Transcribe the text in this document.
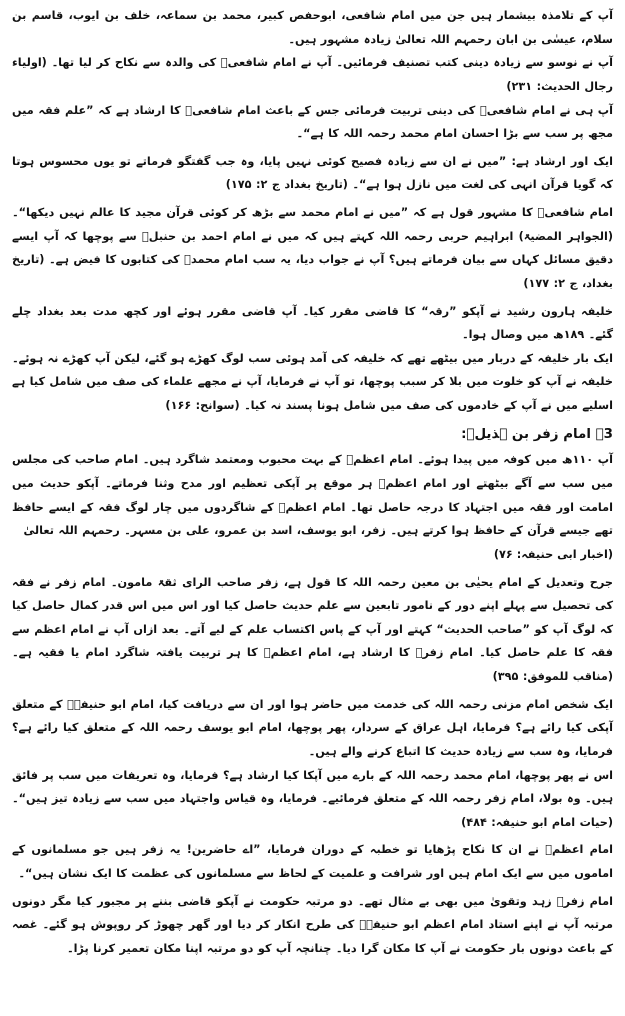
آپ کے تلامذہ بیشمار ہیں جن میں امام شافعی، ابوحفص کبیر، محمد بن سماعہ، خلف بن ایوب، قاسم بن سلام، عیسٰی بن ابان رحمہم اللہ تعالیٰ زیادہ مشہور ہیں۔

آپ نے نوسو سے زیادہ دینی کتب تصنیف فرمائیں۔ آپ نے امام شافعیؒ کی والدہ سے نکاح کر لیا تھا۔ (اولیاء رجال الحدیث: ۲۳۱)

آپ ہی نے امام شافعیؒ کی دینی تربیت فرمائی جس کے باعث امام شافعیؒ کا ارشاد ہے کہ ”علم فقہ میں مجھ پر سب سے بڑا احسان امام محمد رحمہ اللہ کا ہے“۔

ایک اور ارشاد ہے: ”میں نے ان سے زیادہ فصیح کوئی نہیں پایا، وہ جب گفتگو فرماتے تو یوں محسوس ہوتا کہ گویا قرآن انہی کی لغت میں نازل ہوا ہے“۔ (تاریخ بغداد ج ۲: ۱۷۵)

امام شافعیؒ کا مشہور قول ہے کہ ”میں نے امام محمد سے بڑھ کر کوئی قرآن مجید کا عالم نہیں دیکھا“۔ (الجواہر المضیۃ) ابراہیم حربی رحمہ اللہ کہتے ہیں کہ میں نے امام احمد بن حنبلؒ سے پوچھا کہ آپ ایسے دقیق مسائل کہاں سے بیان فرماتے ہیں؟ آپ نے جواب دیا، یہ سب امام محمدؒ کی کتابوں کا فیض ہے۔ (تاریخ بغداد، ج ۲: ۱۷۷)

خلیفہ ہارون رشید نے آپکو ”رقہ“ کا قاضی مقرر کیا۔ آپ قاضی مقرر ہوئے اور کچھ مدت بعد بغداد چلے گئے۔ ۱۸۹ھ میں وصال ہوا۔

ایک بار خلیفہ کے دربار میں بیٹھے تھے کہ خلیفہ کی آمد ہوئی سب لوگ کھڑے ہو گئے، لیکن آپ کھڑے نہ ہوئے۔ خلیفہ نے آپ کو خلوت میں بلا کر سبب پوچھا، تو آپ نے فرمایا، آپ نے مجھے علماء کی صف میں شامل کیا ہے اسلیے میں نے آپ کے خادموں کی صف میں شامل ہونا پسند نہ کیا۔ (سوانح: ۱۶۶)

3۔ امام زفر بن ہذیلؒ:

آپ ۱۱۰ھ میں کوفہ میں پیدا ہوئے۔ امام اعظمؒ کے بہت محبوب ومعتمد شاگرد ہیں۔ امام صاحب کی مجلس میں سب سے آگے بیٹھتے اور امام اعظمؒ ہر موقع پر آپکی تعظیم اور مدح وثنا فرماتے۔ آپکو حدیث میں امامت اور فقہ میں اجتہاد کا درجہ حاصل تھا۔ امام اعظمؒ کے شاگردوں میں چار لوگ فقہ کے ایسے حافظ تھے جیسے قرآن کے حافظ ہوا کرتے ہیں۔ زفر، ابو یوسف، اسد بن عمرو، علی بن مسہر۔ رحمہم اللہ تعالیٰ

(اخبار ابی حنیفہ: ۷۶)

جرح وتعدیل کے امام یحیٰی بن معین رحمہ اللہ کا قول ہے، زفر صاحب الرای ثقۃ مامون۔ امام زفر نے فقہ کی تحصیل سے پہلے اپنے دور کے نامور تابعین سے علم حدیث حاصل کیا اور اس میں اس قدر کمال حاصل کیا کہ لوگ آپ کو ”صاحب الحدیث“ کہتے اور آپ کے پاس اکتساب علم کے لیے آتے۔ بعد ازاں آپ نے امام اعظم سے فقہ کا علم حاصل کیا۔ امام زفرؒ کا ارشاد ہے، امام اعظمؒ کا ہر تربیت یافتہ شاگرد امام یا فقیہ ہے۔ (مناقب للموفق: ۳۹۵)

ایک شخص امام مزنی رحمہ اللہ کی خدمت میں حاضر ہوا اور ان سے دریافت کیا، امام ابو حنیفہؒ کے متعلق آپکی کیا رائے ہے؟ فرمایا، اہل عراق کے سردار، پھر پوچھا، امام ابو یوسف رحمہ اللہ کے متعلق کیا رائے ہے؟ فرمایا، وہ سب سے زیادہ حدیث کا اتباع کرنے والے ہیں۔

اس نے پھر پوچھا، امام محمد رحمہ اللہ کے بارے میں آپکا کیا ارشاد ہے؟ فرمایا، وہ تعریفات میں سب پر فائق ہیں۔ وہ بولا، امام زفر رحمہ اللہ کے متعلق فرمائیے۔ فرمایا، وہ قیاس واجتہاد میں سب سے زیادہ تیز ہیں“۔ (حیات امام ابو حنیفہ: ۴۸۴)

امام اعظمؒ نے ان کا نکاح پڑھایا تو خطبہ کے دوران فرمایا، ”اے حاضرین! یہ زفر ہیں جو مسلمانوں کے اماموں میں سے ایک امام ہیں اور شرافت و علمیت کے لحاظ سے مسلمانوں کی عظمت کا ایک نشان ہیں“۔

امام زفرؒ زہد وتقویٰ میں بھی بے مثال تھے۔ دو مرتبہ حکومت نے آپکو قاضی بننے پر مجبور کیا مگر دونوں مرتبہ آپ نے اپنے استاد امام اعظم ابو حنیفہؒ کی طرح انکار کر دیا اور گھر چھوڑ کر روپوش ہو گئے۔ غصہ کے باعث دونوں بار حکومت نے آپ کا مکان گرا دیا۔ چنانچہ آپ کو دو مرتبہ اپنا مکان تعمیر کرنا پڑا۔
